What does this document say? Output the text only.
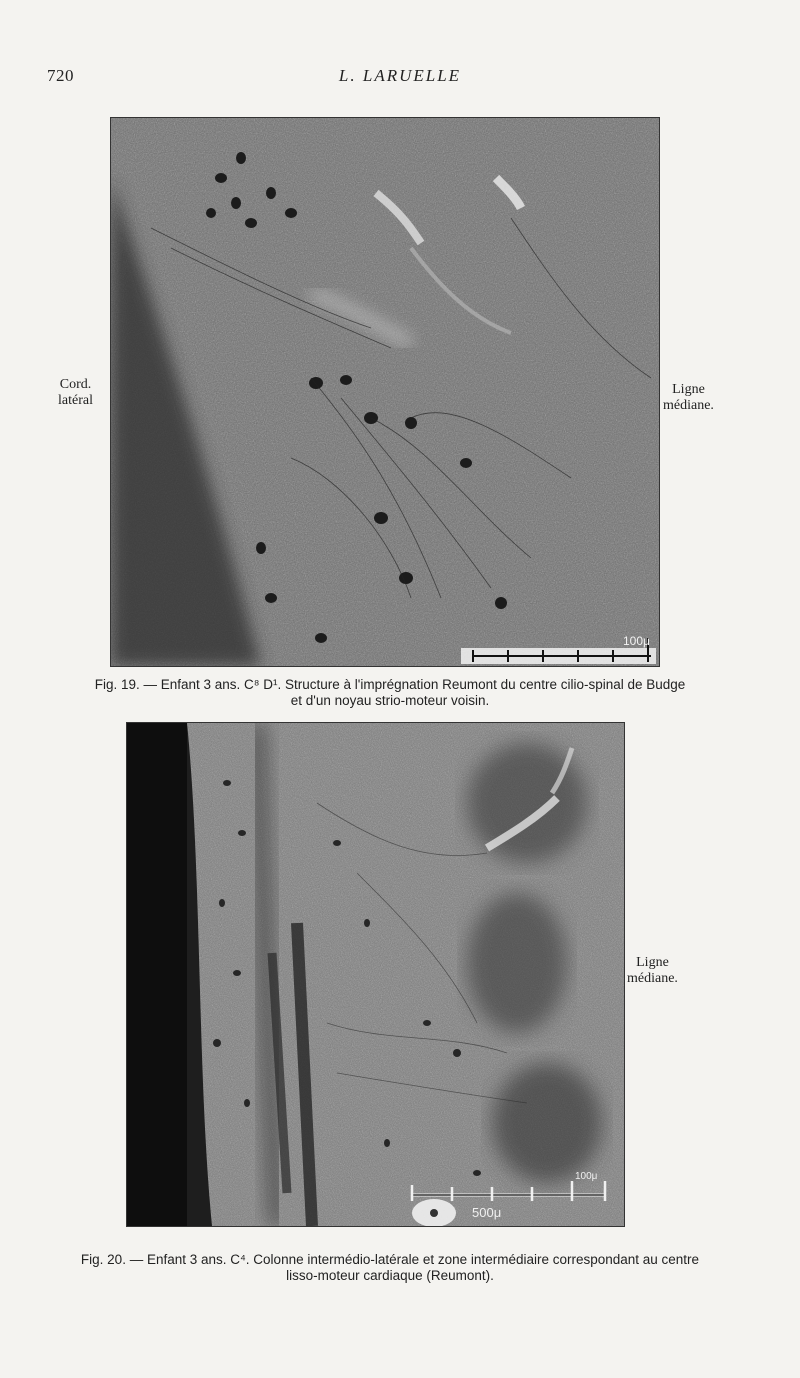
720	L. LARUELLE
100μ
Cord.
latéral
Ligne
médiane.
Fig. 19. — Enfant 3 ans. C⁸ D¹. Structure à l'imprégnation Reumont du centre cilio-spinal de Budge
et d'un noyau strio-moteur voisin.
500μ
100μ
Ligne
médiane.
Fig. 20. — Enfant 3 ans. C⁴. Colonne intermédio-latérale et zone intermédiaire correspondant au centre
lisso-moteur cardiaque (Reumont).
